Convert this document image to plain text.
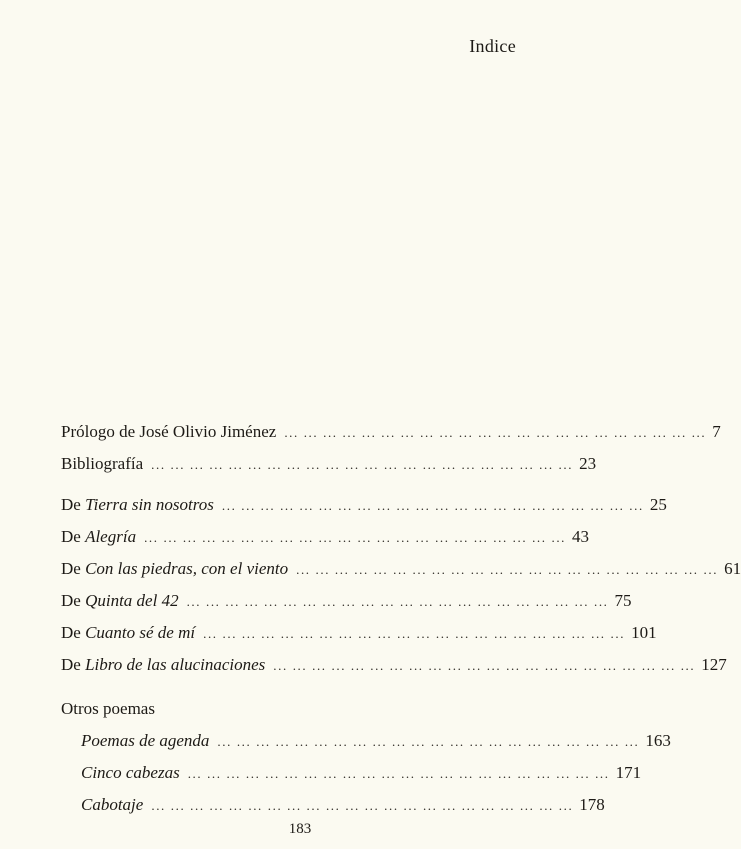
Indice
Prólogo de José Olivio Jiménez ... ... ... ... ... ... ... ... ... ... ... ... ... ... ... ... ... ... ... ... ... ... 7
Bibliografía ... ... ... ... ... ... ... ... ... ... ... ... ... ... ... ... ... ... ... ... ... ... 23
De Tierra sin nosotros ... ... ... ... ... ... ... ... ... ... ... ... ... ... ... ... ... ... ... ... ... ... 25
De Alegría ... ... ... ... ... ... ... ... ... ... ... ... ... ... ... ... ... ... ... ... ... ... 43
De Con las piedras, con el viento ... ... ... ... ... ... ... ... ... ... ... ... ... ... ... ... ... ... ... ... ... ... 61
De Quinta del 42 ... ... ... ... ... ... ... ... ... ... ... ... ... ... ... ... ... ... ... ... ... ... 75
De Cuanto sé de mí ... ... ... ... ... ... ... ... ... ... ... ... ... ... ... ... ... ... ... ... ... ... 101
De Libro de las alucinaciones ... ... ... ... ... ... ... ... ... ... ... ... ... ... ... ... ... ... ... ... ... ... 127
Otros poemas
Poemas de agenda ... ... ... ... ... ... ... ... ... ... ... ... ... ... ... ... ... ... ... ... ... ... 163
Cinco cabezas ... ... ... ... ... ... ... ... ... ... ... ... ... ... ... ... ... ... ... ... ... ... 171
Cabotaje ... ... ... ... ... ... ... ... ... ... ... ... ... ... ... ... ... ... ... ... ... ... 178
183
